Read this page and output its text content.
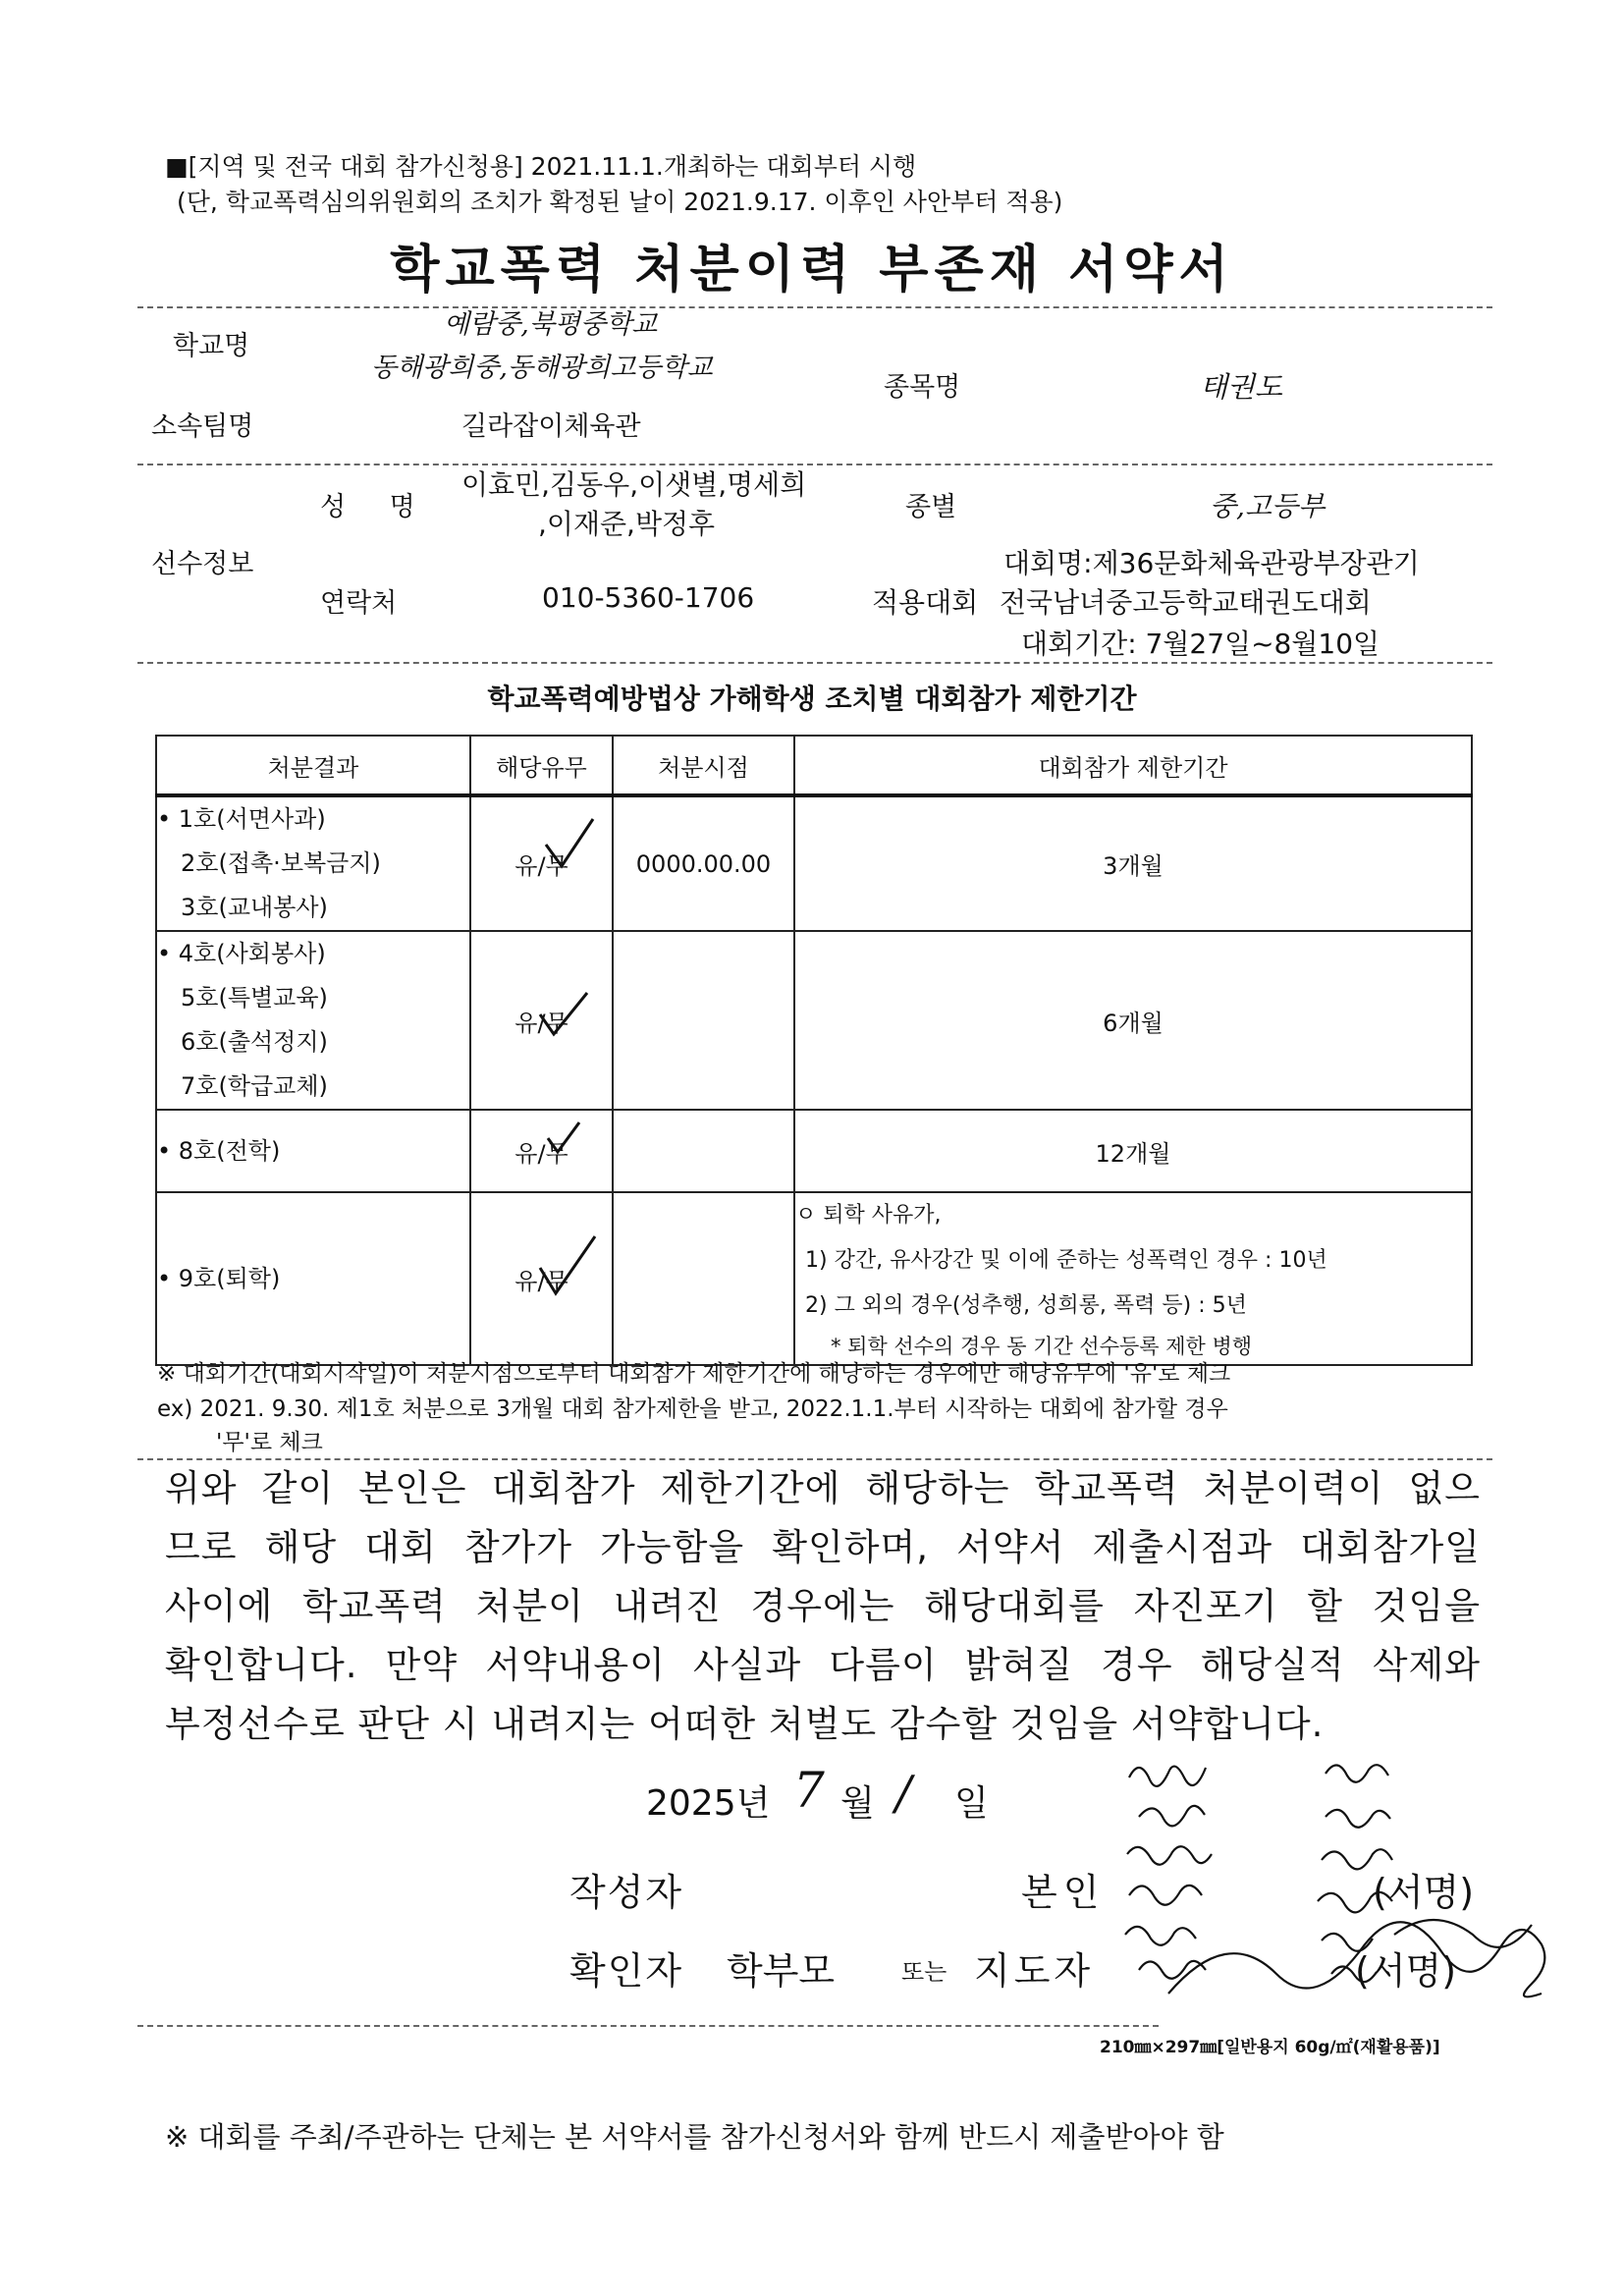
■[지역 및 전국 대회 참가신청용] 2021.11.1.개최하는 대회부터 시행
(단, 학교폭력심의위원회의 조치가 확정된 날이 2021.9.17. 이후인 사안부터 적용)
학교폭력 처분이력 부존재 서약서
학교명
예람중,북평중학교
동해광희중,동해광희고등학교
종목명	태권도
소속팀명	길라잡이체육관
성 명
이효민,김동우,이샛별,명세희
,이재준,박정후
종별	중,고등부
선수정보	대회명:제36문화체육관광부장관기
연락처	010-5360-1706	적용대회 전국남녀중고등학교태권도대회
대회기간: 7월27일~8월10일
학교폭력예방법상 가해학생 조치별 대회참가 제한기간
처분결과	해당유무	처분시점	대회참가 제한기간

• 1호(서면사과)
2호(접촉·보복금지)
3호(교내봉사)	유/무	0000.00.00	3개월

• 4호(사회봉사)
5호(특별교육)
6호(출석정지)
7호(학급교체)	유/무		6개월

• 8호(전학)	유/무		12개월

• 9호(퇴학)	유/무		ㅇ 퇴학 사유가,
1) 강간, 유사강간 및 이에 준하는 성폭력인 경우 : 10년
2) 그 외의 경우(성추행, 성희롱, 폭력 등) : 5년
* 퇴학 선수의 경우 동 기간 선수등록 제한 병행
※ 대회기간(대회시작일)이 처분시점으로부터 대회참가 제한기간에 해당하는 경우에만 해당유무에 '유'로 체크
ex) 2021. 9.30. 제1호 처분으로 3개월 대회 참가제한을 받고, 2022.1.1.부터 시작하는 대회에 참가할 경우
'무'로 체크
위와 같이 본인은 대회참가 제한기간에 해당하는 학교폭력 처분이력이 없으
므로 해당 대회 참가가 가능함을 확인하며, 서약서 제출시점과 대회참가일
사이에 학교폭력 처분이 내려진 경우에는 해당대회를 자진포기 할 것임을
확인합니다. 만약 서약내용이 사실과 다름이 밝혀질 경우 해당실적 삭제와
부정선수로 판단 시 내려지는 어떠한 처벌도 감수할 것임을 서약합니다.
2025년 7 월 / 일
작성자	본인	(서명)
확인자 학부모	또는 지도자	(서명)
210㎜×297㎜[일반용지 60g/㎡(재활용품)]
※ 대회를 주최/주관하는 단체는 본 서약서를 참가신청서와 함께 반드시 제출받아야 함
